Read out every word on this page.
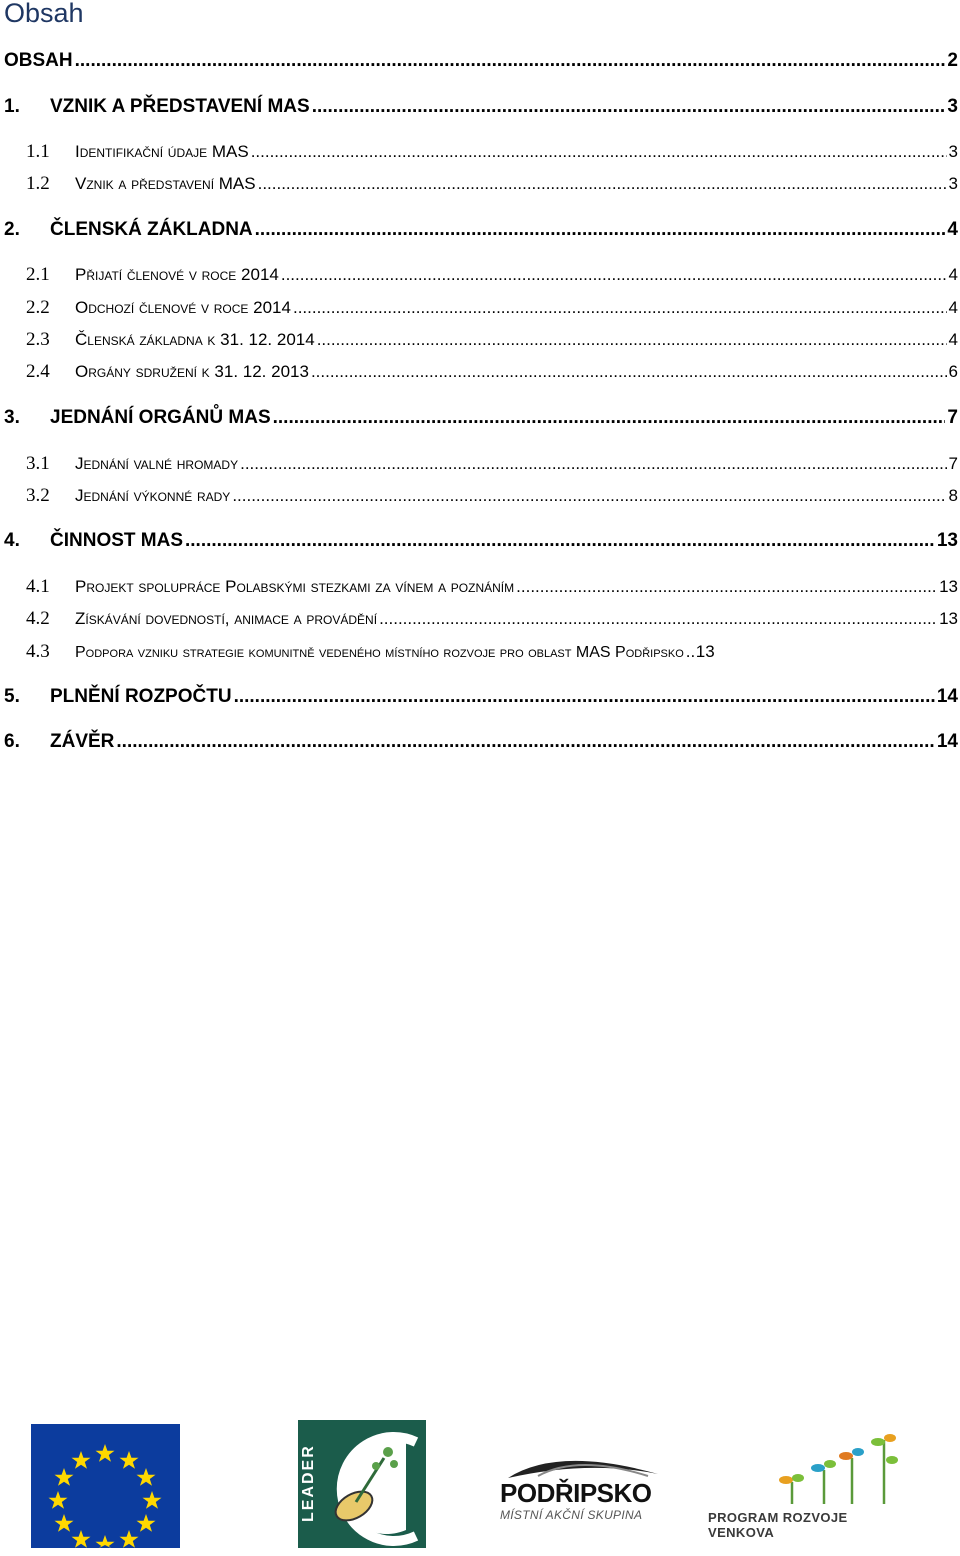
Obsah
OBSAH .....	2
1.	VZNIK A PŘEDSTAVENÍ MAS .....	3
1.1	Identifikační údaje MAS .....	3
1.2	Vznik a představení MAS .....	3
2.	ČLENSKÁ ZÁKLADNA .....	4
2.1	Přijatí členové v roce 2014 .....	4
2.2	Odchozí členové v roce 2014 .....	4
2.3	Členská základna k 31. 12. 2014 .....	4
2.4	Orgány sdružení k 31. 12. 2013 .....	6
3.	JEDNÁNÍ ORGÁNŮ MAS .....	7
3.1	Jednání valné hromady .....	7
3.2	Jednání výkonné rady .....	8
4.	ČINNOST MAS .....	13
4.1	Projekt spolupráce Polabskými stezkami za vínem a poznáním .....	13
4.2	Získávání dovedností, animace a provádění .....	13
4.3	Podpora vzniku strategie komunitně vedeného místního rozvoje pro oblast MAS Podřipsko ..... 13
5.	PLNĚNÍ ROZPOČTU .....	14
6.	ZÁVĚR .....	14
LEADER	PODŘIPSKO
MÍSTNÍ AKČNÍ SKUPINA	PROGRAM ROZVOJE VENKOVA
